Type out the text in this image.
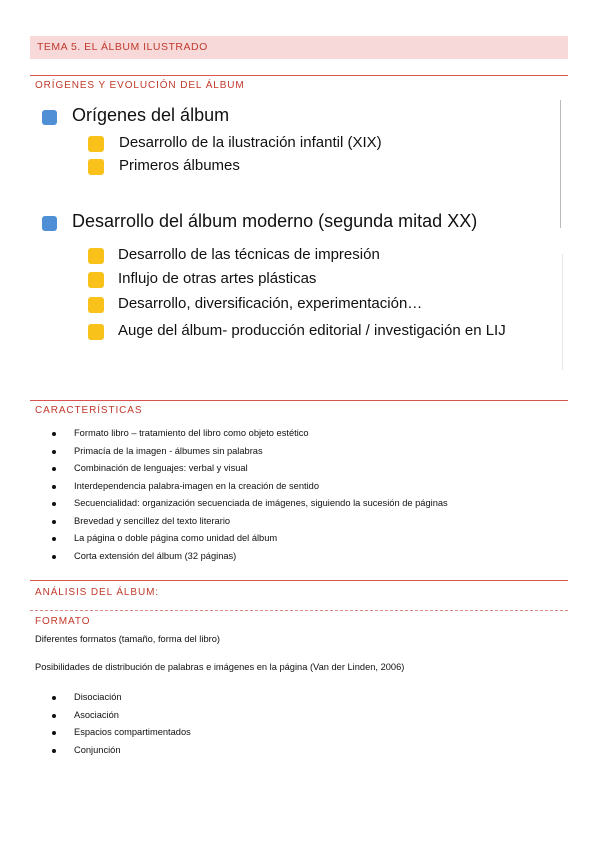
TEMA 5. EL ÁLBUM ILUSTRADO
ORÍGENES Y EVOLUCIÓN DEL ÁLBUM
Orígenes del álbum
Desarrollo de la ilustración infantil (XIX)
Primeros álbumes
Desarrollo del álbum moderno (segunda mitad XX)
Desarrollo de las técnicas de impresión
Influjo de otras artes plásticas
Desarrollo, diversificación, experimentación…
Auge del álbum- producción editorial / investigación en LIJ
CARACTERÍSTICAS
Formato libro – tratamiento del libro como objeto estético
Primacía de la imagen - álbumes sin palabras
Combinación de lenguajes: verbal y visual
Interdependencia palabra-imagen en la creación de sentido
Secuencialidad: organización secuenciada de imágenes, siguiendo la sucesión de páginas
Brevedad y sencillez del texto literario
La página o doble página como unidad del álbum
Corta extensión del álbum (32 páginas)
ANÁLISIS DEL ÁLBUM:
FORMATO
Diferentes formatos (tamaño, forma del libro)
Posibilidades de distribución de palabras e imágenes en la página (Van der Linden, 2006)
Disociación
Asociación
Espacios compartimentados
Conjunción
